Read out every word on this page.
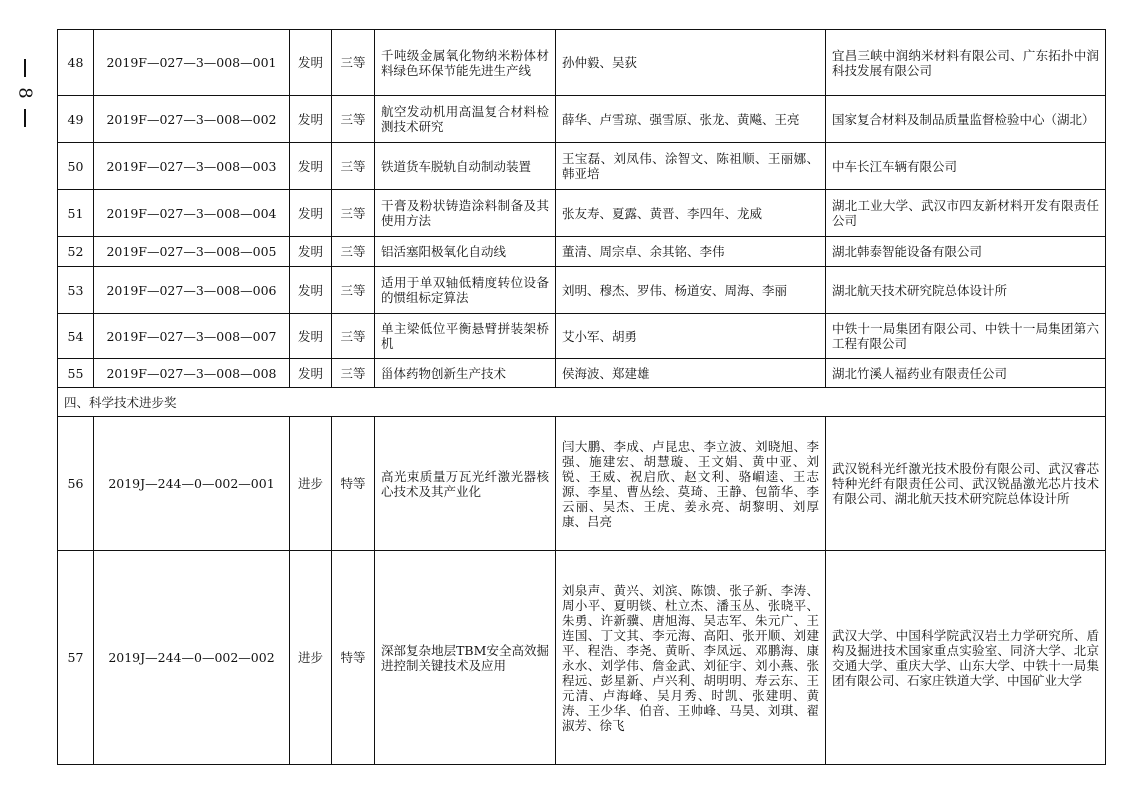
8
48	2019F—027—3—008—001	发明	三等	千吨级金属氧化物纳米粉体材料绿色环保节能先进生产线	孙仲毅、吴荻	宜昌三峡中润纳米材料有限公司、广东拓扑中润科技发展有限公司
49	2019F—027—3—008—002	发明	三等	航空发动机用高温复合材料检测技术研究	薛华、卢雪琼、强雪原、张龙、黄飚、王亮	国家复合材料及制品质量监督检验中心（湖北）
50	2019F—027—3—008—003	发明	三等	铁道货车脱轨自动制动装置	王宝磊、刘凤伟、涂智文、陈祖顺、王丽娜、韩亚培	中车长江车辆有限公司
51	2019F—027—3—008—004	发明	三等	干膏及粉状铸造涂料制备及其使用方法	张友寿、夏露、黄晋、李四年、龙威	湖北工业大学、武汉市四友新材料开发有限责任公司
52	2019F—027—3—008—005	发明	三等	铝活塞阳极氧化自动线	董清、周宗卓、余其铭、李伟	湖北韩泰智能设备有限公司
53	2019F—027—3—008—006	发明	三等	适用于单双轴低精度转位设备的惯组标定算法	刘明、穆杰、罗伟、杨道安、周海、李丽	湖北航天技术研究院总体设计所
54	2019F—027—3—008—007	发明	三等	单主梁低位平衡悬臂拼装架桥机	艾小军、胡勇	中铁十一局集团有限公司、中铁十一局集团第六工程有限公司
55	2019F—027—3—008—008	发明	三等	甾体药物创新生产技术	侯海波、郑建雄	湖北竹溪人福药业有限责任公司
四、科学技术进步奖						
56	2019J—244—0—002—001	进步	特等	高光束质量万瓦光纤激光器核心技术及其产业化	闫大鹏、李成、卢昆忠、李立波、刘晓旭、李强、施建宏、胡慧璇、王文娟、黄中亚、刘锐、王威、祝启欣、赵文利、骆嵋逵、王志源、李星、曹丛绘、莫琦、王静、包箭华、李云丽、吴杰、王虎、姜永亮、胡黎明、刘厚康、吕亮	武汉锐科光纤激光技术股份有限公司、武汉睿芯特种光纤有限责任公司、武汉锐晶激光芯片技术有限公司、湖北航天技术研究院总体设计所
57	2019J—244—0—002—002	进步	特等	深部复杂地层TBM安全高效掘进控制关键技术及应用	刘泉声、黄兴、刘滨、陈馈、张子新、李涛、周小平、夏明锬、杜立杰、潘玉丛、张晓平、朱勇、许新骥、唐旭海、吴志军、朱元广、王连国、丁文其、李元海、高阳、张开顺、刘建平、程浩、李尧、黄昕、李凤远、邓鹏海、康永水、刘学伟、詹金武、刘征宇、刘小燕、张程远、彭星新、卢兴利、胡明明、寿云东、王元清、卢海峰、吴月秀、时凯、张建明、黄涛、王少华、伯音、王帅峰、马昊、刘琪、翟淑芳、徐飞	武汉大学、中国科学院武汉岩土力学研究所、盾构及掘进技术国家重点实验室、同济大学、北京交通大学、重庆大学、山东大学、中铁十一局集团有限公司、石家庄铁道大学、中国矿业大学
